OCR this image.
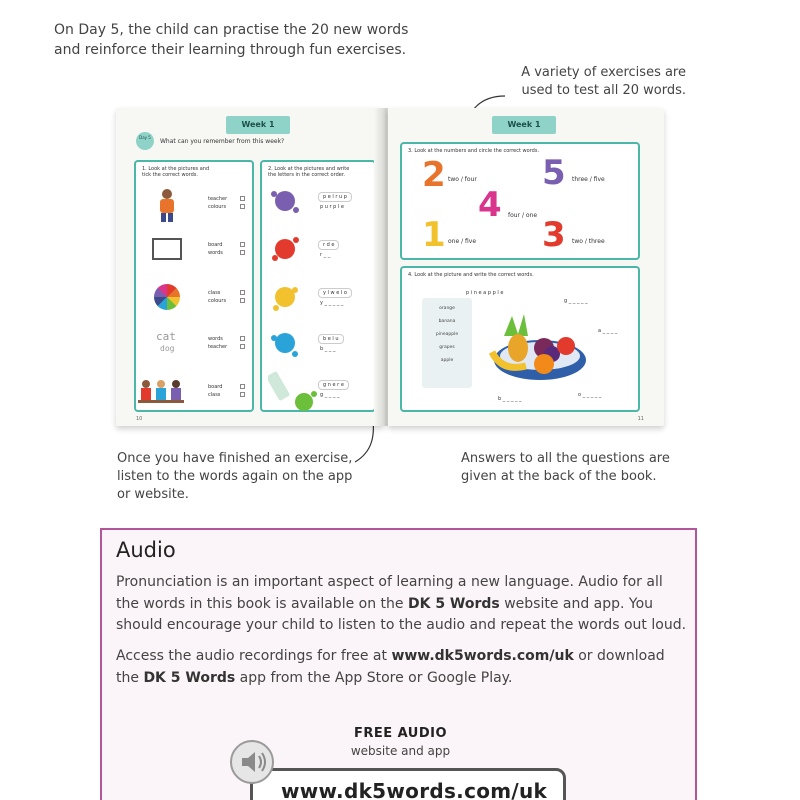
On Day 5, the child can practise the 20 new words
and reinforce their learning through fun exercises.
A variety of exercises are
used to test all 20 words.
Week 1
Day 5
What can you remember from this week?
1. Look at the pictures and tick the correct words.
teacher
colours
board
words
class
colours
cat
dog
words
teacher
board
class
2. Look at the pictures and write the letters in the correct order.
p e l r u p
p u r p l e
r d e
r _ _
y l w e l o
y _ _ _ _ _
b e l u
b _ _ _
g n e r e
g _ _ _ _
10
Week 1
3. Look at the numbers and circle the correct words.
2 two / four 5 three / five
4 four / one
1 one / five 3 two / three
4. Look at the picture and write the correct words.
orange
banana
pineapple
grapes
apple
p i n e a p p l e
g _ _ _ _ _
a _ _ _ _
b _ _ _ _ _
o _ _ _ _ _
11
Once you have finished an exercise,
listen to the words again on the app
or website.
Answers to all the questions are
given at the back of the book.
Audio
Pronunciation is an important aspect of learning a new language. Audio for all the words in this book is available on the DK 5 Words website and app. You should encourage your child to listen to the audio and repeat the words out loud.
Access the audio recordings for free at www.dk5words.com/uk or download the DK 5 Words app from the App Store or Google Play.
FREE AUDIO
website and app
www.dk5words.com/uk
